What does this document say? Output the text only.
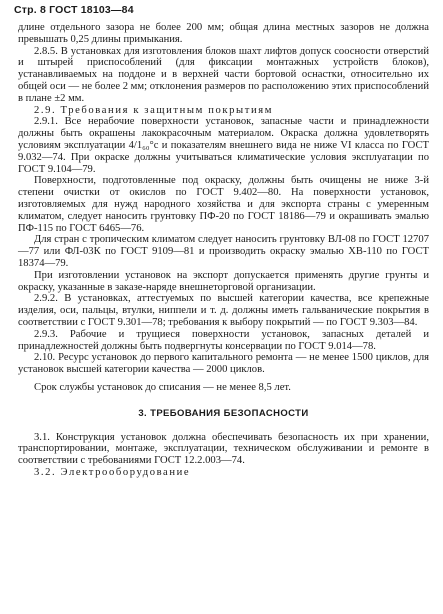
Стр. 8 ГОСТ 18103—84

длине отдельного зазора не более 200 мм; общая длина местных зазоров не должна превышать 0,25 длины примыкания.

2.8.5. В установках для изготовления блоков шахт лифтов допуск соосности отверстий и штырей приспособлений (для фиксации монтажных устройств блоков), устанавливаемых на поддоне и в верхней части бортовой оснастки, относительно их общей оси — не более 2 мм; отклонения размеров по расположению этих приспособлений в плане ±2 мм.

2.9. Требования к защитным покрытиям

2.9.1. Все нерабочие поверхности установок, запасные части и принадлежности должны быть окрашены лакокрасочным материалом. Окраска должна удовлетворять условиям эксплуатации 4/1₆₀°с и показателям внешнего вида не ниже VI класса по ГОСТ 9.032—74. При окраске должны учитываться климатические условия эксплуатации по ГОСТ 9.104—79.

Поверхности, подготовленные под окраску, должны быть очищены не ниже 3-й степени очистки от окислов по ГОСТ 9.402—80. На поверхности установок, изготовляемых для нужд народного хозяйства и для экспорта страны с умеренным климатом, следует наносить грунтовку ПФ-20 по ГОСТ 18186—79 и окрашивать эмалью ПФ-115 по ГОСТ 6465—76.

Для стран с тропическим климатом следует наносить грунтовку ВЛ-08 по ГОСТ 12707—77 или ФЛ-03К по ГОСТ 9109—81 и производить окраску эмалью ХВ-110 по ГОСТ 18374—79.

При изготовлении установок на экспорт допускается применять другие грунты и окраску, указанные в заказе-наряде внешнеторговой организации.

2.9.2. В установках, аттестуемых по высшей категории качества, все крепежные изделия, оси, пальцы, втулки, ниппели и т. д. должны иметь гальванические покрытия в соответствии с ГОСТ 9.301—78; требования к выбору покрытий — по ГОСТ 9.303—84.

2.9.3. Рабочие и трущиеся поверхности установок, запасных деталей и принадлежностей должны быть подвергнуты консервации по ГОСТ 9.014—78.

2.10. Ресурс установок до первого капитального ремонта — не менее 1500 циклов, для установок высшей категории качества — 2000 циклов.

Срок службы установок до списания — не менее 8,5 лет.

3. ТРЕБОВАНИЯ БЕЗОПАСНОСТИ

3.1. Конструкция установок должна обеспечивать безопасность их при хранении, транспортировании, монтаже, эксплуатации, техническом обслуживании и ремонте в соответствии с требованиями ГОСТ 12.2.003—74.

3.2. Электрооборудование
